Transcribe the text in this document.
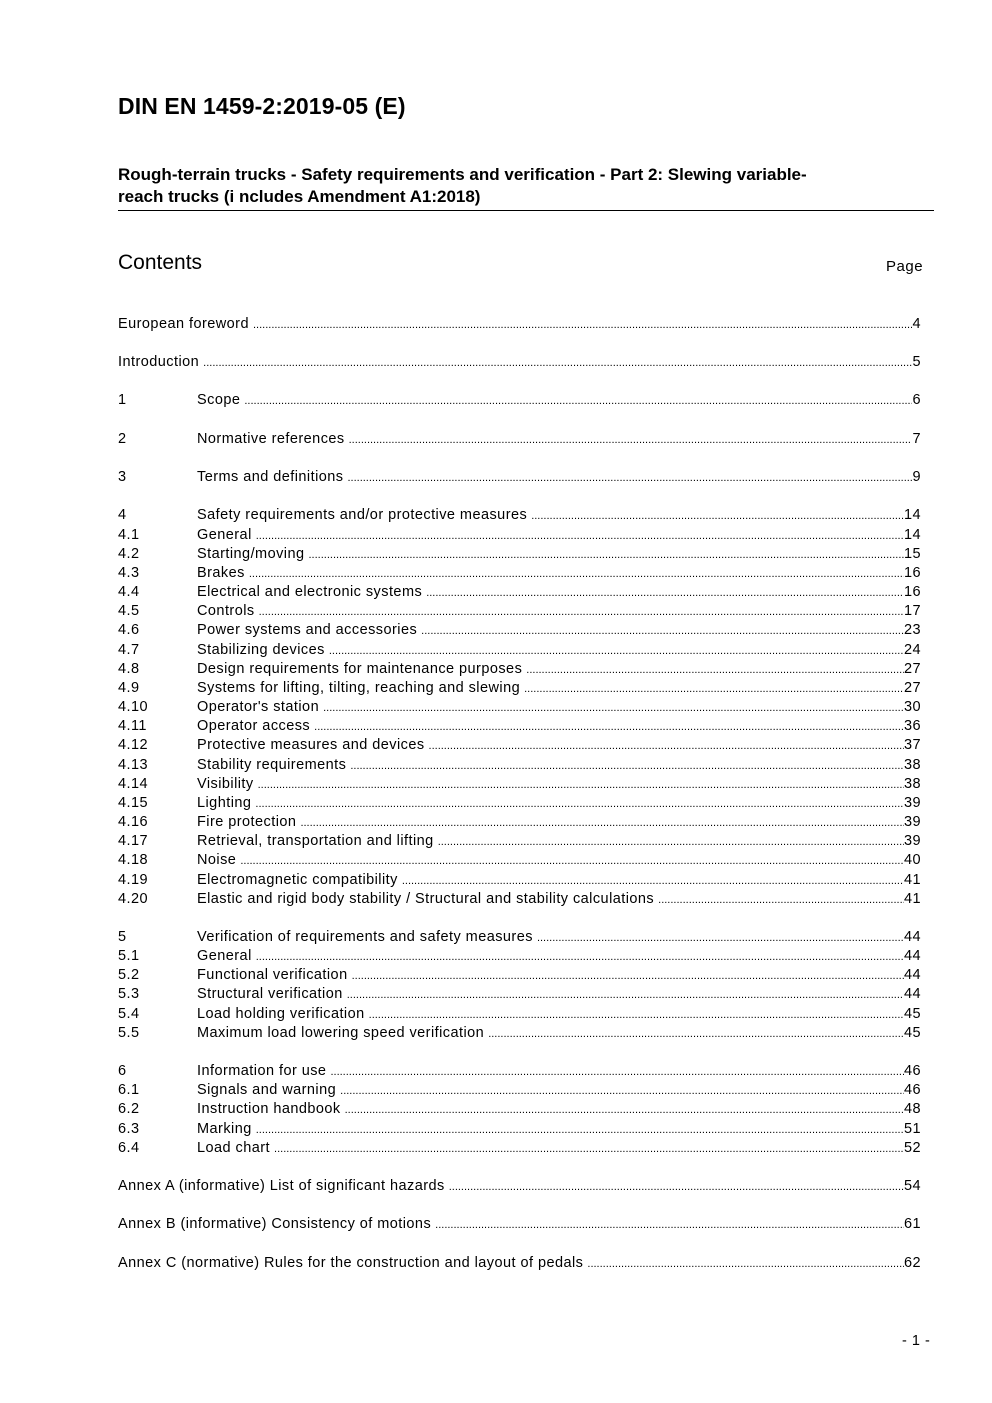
DIN EN 1459-2:2019-05 (E)
Rough-terrain trucks - Safety requirements and verification - Part 2: Slewing variable-
reach trucks (i ncludes Amendment A1:2018)
Contents	Page
European foreword .....	4
Introduction .....	5
1	Scope .....	6
2	Normative references .....	7
3	Terms and definitions .....	9
4	Safety requirements and/or protective measures .....	14
4.1	General .....	14
4.2	Starting/moving .....	15
4.3	Brakes .....	16
4.4	Electrical and electronic systems .....	16
4.5	Controls .....	17
4.6	Power systems and accessories .....	23
4.7	Stabilizing devices .....	24
4.8	Design requirements for maintenance purposes .....	27
4.9	Systems for lifting, tilting, reaching and slewing .....	27
4.10	Operator's station .....	30
4.11	Operator access .....	36
4.12	Protective measures and devices .....	37
4.13	Stability requirements .....	38
4.14	Visibility .....	38
4.15	Lighting .....	39
4.16	Fire protection .....	39
4.17	Retrieval, transportation and lifting .....	39
4.18	Noise .....	40
4.19	Electromagnetic compatibility .....	41
4.20	Elastic and rigid body stability / Structural and stability calculations .....	41
5	Verification of requirements and safety measures .....	44
5.1	General .....	44
5.2	Functional verification .....	44
5.3	Structural verification .....	44
5.4	Load holding verification .....	45
5.5	Maximum load lowering speed verification .....	45
6	Information for use .....	46
6.1	Signals and warning .....	46
6.2	Instruction handbook .....	48
6.3	Marking .....	51
6.4	Load chart .....	52
Annex A (informative) List of significant hazards .....	54
Annex B (informative) Consistency of motions .....	61
Annex C (normative) Rules for the construction and layout of pedals .....	62
- 1 -
